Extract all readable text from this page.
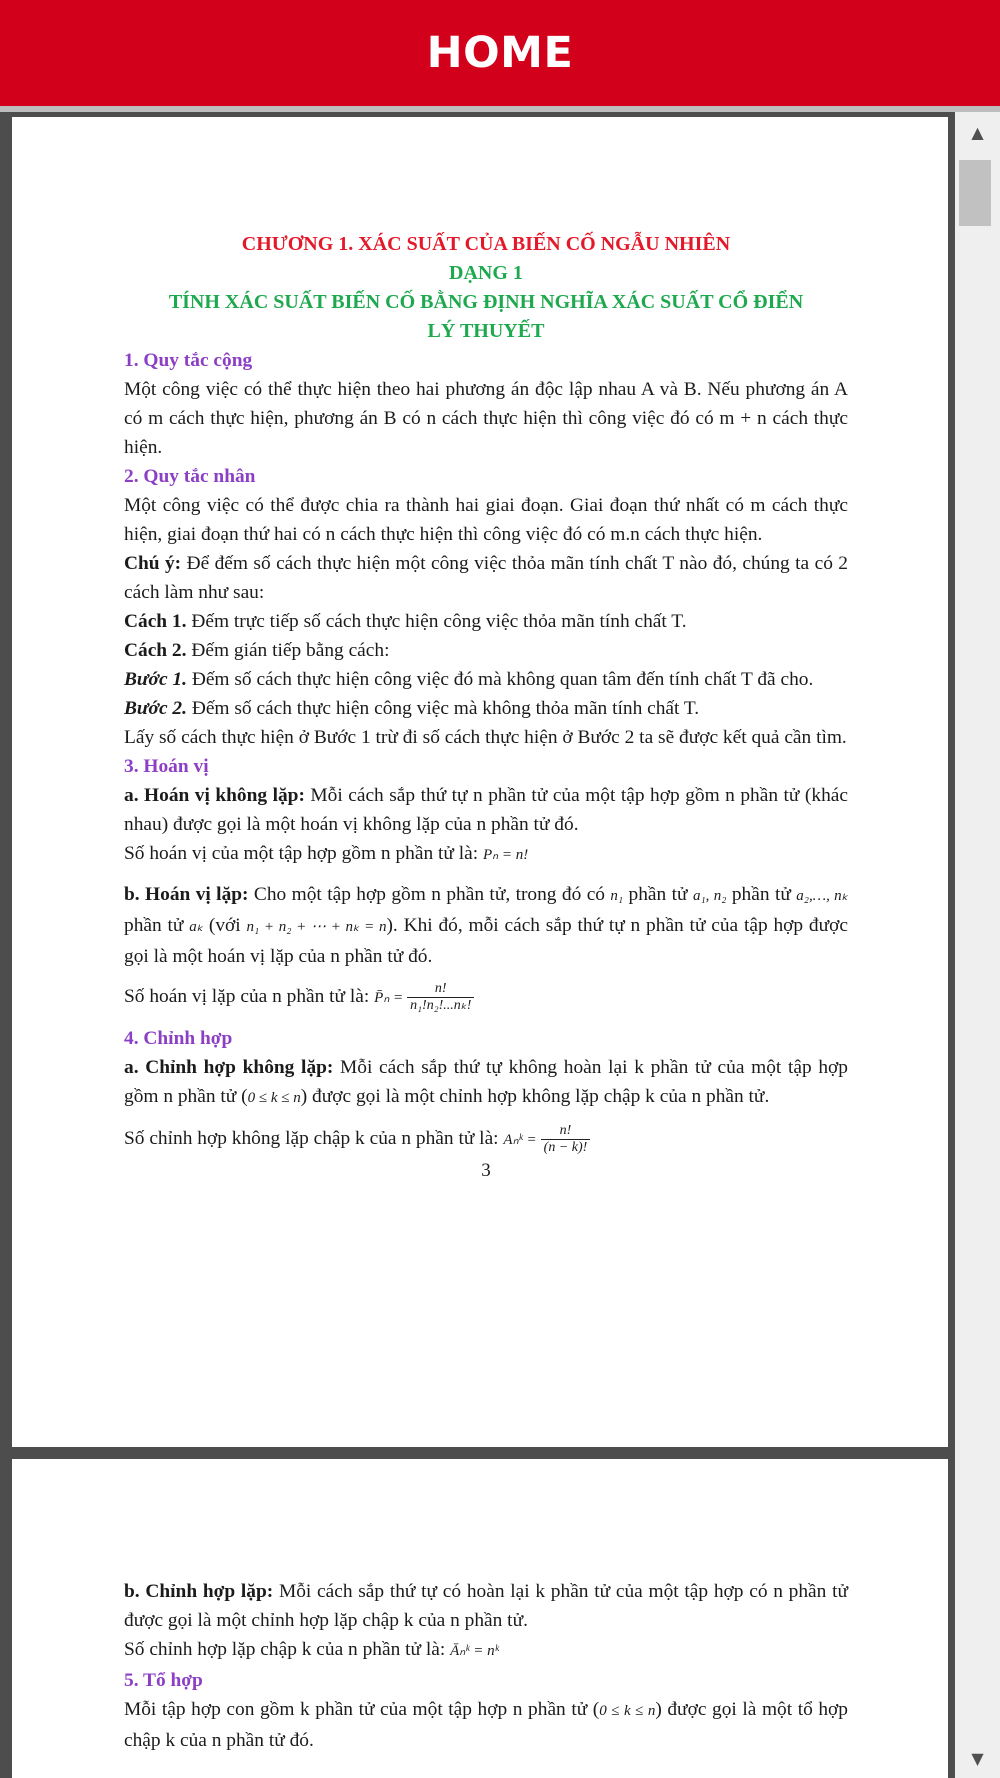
HOME

CHƯƠNG 1. XÁC SUẤT CỦA BIẾN CỐ NGẪU NHIÊN

DẠNG 1

TÍNH XÁC SUẤT BIẾN CỐ BẰNG ĐỊNH NGHĨA XÁC SUẤT CỔ ĐIỂN

LÝ THUYẾT

1. Quy tắc cộng

Một công việc có thể thực hiện theo hai phương án độc lập nhau A và B. Nếu phương án A có m cách thực hiện, phương án B có n cách thực hiện thì công việc đó có m + n cách thực hiện.

2. Quy tắc nhân

Một công việc có thể được chia ra thành hai giai đoạn. Giai đoạn thứ nhất có m cách thực hiện, giai đoạn thứ hai có n cách thực hiện thì công việc đó có m.n cách thực hiện.

Chú ý: Để đếm số cách thực hiện một công việc thỏa mãn tính chất T nào đó, chúng ta có 2 cách làm như sau:

Cách 1. Đếm trực tiếp số cách thực hiện công việc thỏa mãn tính chất T.

Cách 2. Đếm gián tiếp bằng cách:

Bước 1. Đếm số cách thực hiện công việc đó mà không quan tâm đến tính chất T đã cho.

Bước 2. Đếm số cách thực hiện công việc mà không thỏa mãn tính chất T.

Lấy số cách thực hiện ở Bước 1 trừ đi số cách thực hiện ở Bước 2 ta sẽ được kết quả cần tìm.

3. Hoán vị

a. Hoán vị không lặp: Mỗi cách sắp thứ tự n phần tử của một tập hợp gồm n phần tử (khác nhau) được gọi là một hoán vị không lặp của n phần tử đó.

Số hoán vị của một tập hợp gồm n phần tử là: Pₙ = n!

b. Hoán vị lặp: Cho một tập hợp gồm n phần tử, trong đó có n₁ phần tử a₁, n₂ phần tử a₂,…, nₖ phần tử aₖ (với n₁ + n₂ + ⋯ + nₖ = n). Khi đó, mỗi cách sắp thứ tự n phần tử của tập hợp được gọi là một hoán vị lặp của n phần tử đó.

Số hoán vị lặp của n phần tử là: P̄ₙ = $\frac{n!}{\text{n₁!n₂!...nₖ!}}$

4. Chỉnh hợp

a. Chỉnh hợp không lặp: Mỗi cách sắp thứ tự không hoàn lại k phần tử của một tập hợp gồm n phần tử (0 ≤ k ≤ n) được gọi là một chỉnh hợp không lặp chập k của n phần tử.

Số chỉnh hợp không lặp chập k của n phần tử là: Aₙᵏ = $\frac{n!}{(n - k)!}$

3

b. Chỉnh hợp lặp: Mỗi cách sắp thứ tự có hoàn lại k phần tử của một tập hợp có n phần tử được gọi là một chỉnh hợp lặp chập k của n phần tử.

Số chỉnh hợp lặp chập k của n phần tử là: Āₙᵏ = nᵏ

5. Tổ hợp

Mỗi tập hợp con gồm k phần tử của một tập hợp n phần tử (0 ≤ k ≤ n) được gọi là một tổ hợp chập k của n phần tử đó.

▲
▼
